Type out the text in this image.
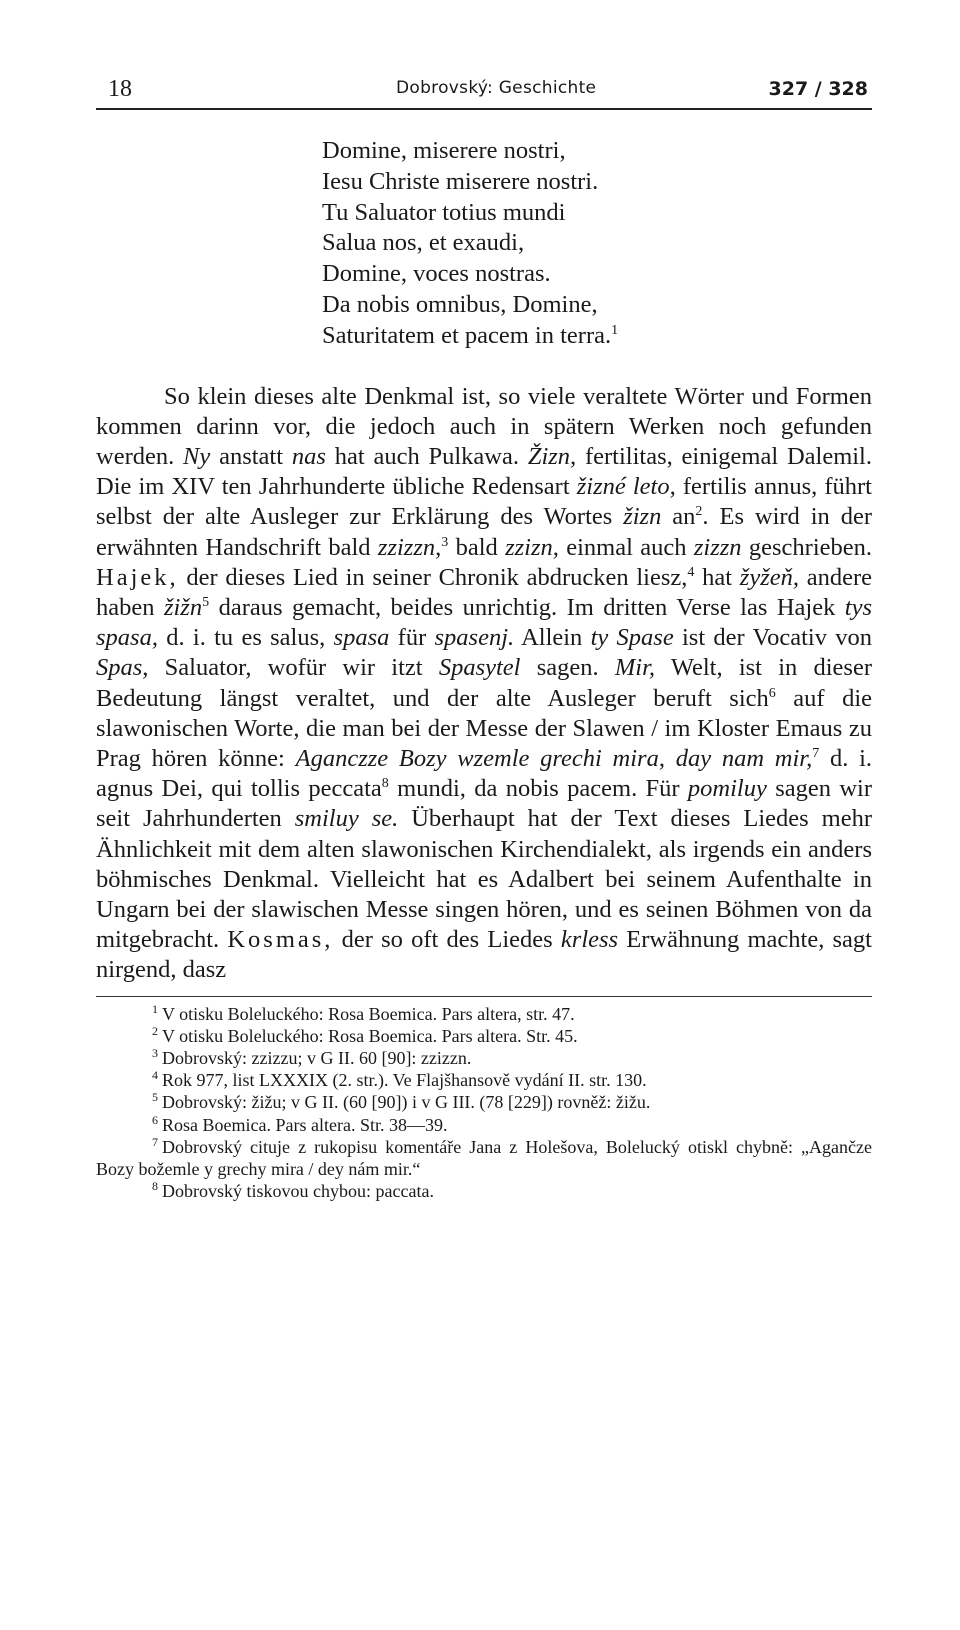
18	Dobrovský: Geschichte	327 / 328
Domine, miserere nostri,
Iesu Christe miserere nostri.
Tu Saluator totius mundi
Salua nos, et exaudi,
Domine, voces nostras.
Da nobis omnibus, Domine,
Saturitatem et pacem in terra.$^1$

So klein dieses alte Denkmal ist, so viele veraltete Wörter und Formen kommen darinn vor, die jedoch auch in spätern Werken noch gefunden werden. Ny anstatt nas hat auch Pulkawa. Žizn, fertilitas, einigemal Dalemil. Die im XIV ten Jahrhunderte übliche Redensart žizné leto, fertilis annus, führt selbst der alte Ausleger zur Erklärung des Wortes žizn $an^2$. Es wird in der erwähnten Handschrift bald zzizzn,$^3$ bald zzizn, einmal auch zizzn geschrieben. Hajek, der dieses Lied in seiner Chronik abdrucken liesz,$^4$ hat žyžeň, andere haben žižn$^5$ daraus gemacht, beides unrichtig. Im dritten Verse las Hajek tys spasa, d. i. tu es salus, spasa für spasenj. Allein ty Spase ist der Vocativ von Spas, Saluator, wofür wir itzt Spasytel sagen. Mir, Welt, ist in dieser Bedeutung längst veraltet, und der alte Ausleger beruft sich$^6$ auf die slawonischen Worte, die man bei der Messe der Slawen / im Kloster Emaus zu Prag hören könne: Aganczze Bozy wzemle grechi mira, day nam mir,$^7$ d. i. agnus Dei, qui tollis peccata$^8$ mundi, da nobis pacem. Für pomiluy sagen wir seit Jahrhunderten smiluy se. Überhaupt hat der Text dieses Liedes mehr Ähnlichkeit mit dem alten slawonischen Kirchendialekt, als irgends ein anders böhmisches Denkmal. Vielleicht hat es Adalbert bei seinem Aufenthalte in Ungarn bei der slawischen Messe singen hören, und es seinen Böhmen von da mitgebracht. Kosmas, der so oft des Liedes krless Erwähnung machte, sagt nirgend, dasz

$^1$ V otisku Boleluckého: Rosa Boemica. Pars altera, str. 47.
$^2$ V otisku Boleluckého: Rosa Boemica. Pars altera. Str. 45.
$^3$ Dobrovský: zzizzu; v G II. 60 [90]: zzizzn.
$^4$ Rok 977, list LXXXIX (2. str.). Ve Flajšhansově vydání II. str. 130.
$^5$ Dobrovský: žižu; v G II. (60 [90]) i v G III. (78 [229]) rovněž: žižu.
$^6$ Rosa Boemica. Pars altera. Str. 38—39.
$^7$ Dobrovský cituje z rukopisu komentáře Jana z Holešova, Bolelucký otiskl chybně: „Agančze Bozy božemle y grechy mira / dey nám mir.“
$^8$ Dobrovský tiskovou chybou: paccata.
